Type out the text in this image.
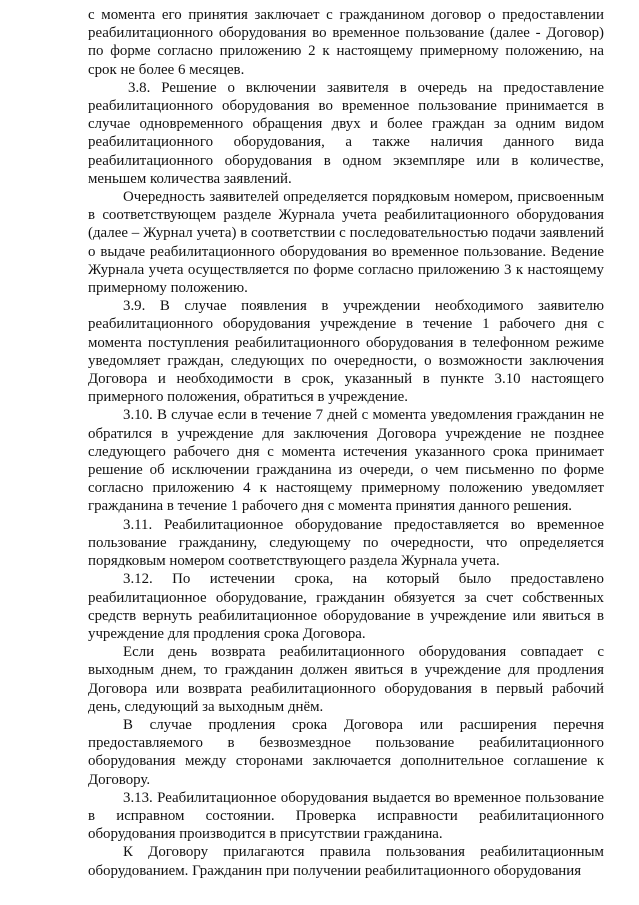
с момента его принятия заключает с гражданином договор о предоставлении реабилитационного оборудования во временное пользование (далее - Договор) по форме согласно приложению 2 к настоящему примерному положению, на срок не более 6 месяцев.

3.8. Решение о включении заявителя в очередь на предоставление реабилитационного оборудования во временное пользование принимается в случае одновременного обращения двух и более граждан за одним видом реабилитационного оборудования, а также наличия данного вида реабилитационного оборудования в одном экземпляре или в количестве, меньшем количества заявлений.

Очередность заявителей определяется порядковым номером, присвоенным в соответствующем разделе Журнала учета реабилитационного оборудования (далее – Журнал учета) в соответствии с последовательностью подачи заявлений о выдаче реабилитационного оборудования во временное пользование. Ведение Журнала учета осуществляется по форме согласно приложению 3 к настоящему примерному положению.

3.9. В случае появления в учреждении необходимого заявителю реабилитационного оборудования учреждение в течение 1 рабочего дня с момента поступления реабилитационного оборудования в телефонном режиме уведомляет граждан, следующих по очередности, о возможности заключения Договора и необходимости в срок, указанный в пункте 3.10 настоящего примерного положения, обратиться в учреждение.

3.10. В случае если в течение 7 дней с момента уведомления гражданин не обратился в учреждение для заключения Договора учреждение не позднее следующего рабочего дня с момента истечения указанного срока принимает решение об исключении гражданина из очереди, о чем письменно по форме согласно приложению 4 к настоящему примерному положению уведомляет гражданина в течение 1 рабочего дня с момента принятия данного решения.

3.11. Реабилитационное оборудование предоставляется во временное пользование гражданину, следующему по очередности, что определяется порядковым номером соответствующего раздела Журнала учета.

3.12. По истечении срока, на который было предоставлено реабилитационное оборудование, гражданин обязуется за счет собственных средств вернуть реабилитационное оборудование в учреждение или явиться в учреждение для продления срока Договора.

Если день возврата реабилитационного оборудования совпадает с выходным днем, то гражданин должен явиться в учреждение для продления Договора или возврата реабилитационного оборудования в первый рабочий день, следующий за выходным днём.

В случае продления срока Договора или расширения перечня предоставляемого в безвозмездное пользование реабилитационного оборудования между сторонами заключается дополнительное соглашение к Договору.

3.13. Реабилитационное оборудования выдается во временное пользование в исправном состоянии. Проверка исправности реабилитационного оборудования производится в присутствии гражданина.

К Договору прилагаются правила пользования реабилитационным оборудованием. Гражданин при получении реабилитационного оборудования
